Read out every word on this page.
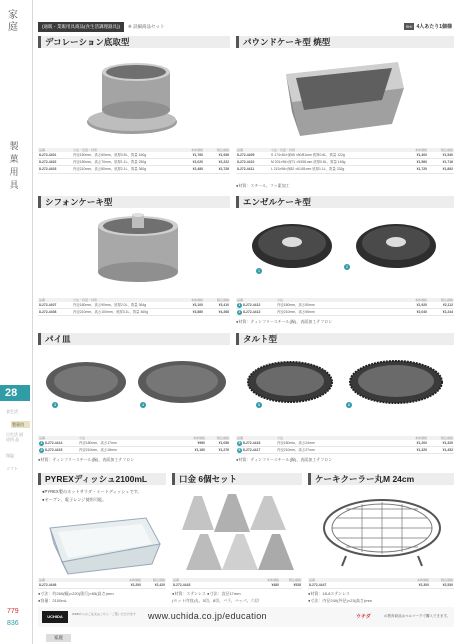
家庭
製菓用具
28
食生活
製菓用
日生活 厨房用 品
保温
ソフト
779
836
(通販・業販用具商品(食生活調理器具))	※ 詳細商品セット	SHI 4人あたり1個様
デコレーション底取型
品番	寸法・容量・材質	本体価格	税込価格
8-272-4401	内径150mm、高さ60mm、底厚0.5L、質量 160g	¥1,760	¥1,936
8-272-4402	内径180mm、高さ70mm、底厚1.1L、質量 250g	¥2,020	¥2,222
8-272-4403	内径210mm、高さ80mm、底厚2.1L、質量 360g	¥2,480	¥2,728
パウンドケーキ型 焼型
品番	寸法・容量・材質	本体価格	税込価格
8-272-4409	S 174×84×深65 ×50/81mm 底厚0.6L、質量 122g	¥1,400	¥1,540
8-272-4410	M 201×96×深71 ×53/81mm 底厚0.8L、質量 163g	¥1,560	¥1,716
8-272-4411	L 213×96×深82 ×61/81mm 底厚1.1L、質量 232g	¥1,720	¥1,892
●材質：スチール、フッ素加工
シフォンケーキ型
品番	寸法・容量・材質	本体価格	税込価格
8-272-4407	内径180mm、高さ90mm、底厚2.0L、質量 364g	¥3,100	¥3,410
8-272-4408	内径210mm、高さ100mm、底厚3.1L、質量 460g	¥3,880	¥4,268
エンゼルケーキ型
1
2
品番	寸法	本体価格	税込価格
1 8-272-4412	内径180mm、高さ50mm	¥1,920	¥2,112
2 8-272-4413	内径210mm、高さ55mm	¥2,040	¥2,244
●材質：ティンフリースチール(錫)、表面加工テフロン
パイ皿
3	4
品番	寸法	本体価格	税込価格
3 8-272-4414	内径180mm、高さ17mm	¥960	¥1,056
4 8-272-4415	内径210mm、高さ18mm	¥1,160	¥1,276
●材質：ティンフリースチール(錫)、表面加工テフロン
タルト型
5	6
品番	寸法	本体価格	税込価格
5 8-272-4416	内径180mm、高さ24mm	¥1,200	¥1,320
6 8-272-4417	内径210mm、高さ27mm	¥1,320	¥1,452
●材質：ティンフリースチール(錫)、表面加工テフロン
PYREXディッシュ2100mL
●PYREX製のホットサラダ・ミートディッシュです。
●オーブン、電子レンジ使用可能。
品番	本体価格	税込価格
8-272-4446	¥2,200	¥2,420
●寸法：約260(幅)×220(奥行)×65(高さ)mm
●容量：2100mL
口金 6個セット
品番	本体価格	税込価格
8-272-4443	¥480	¥528
●材質：ステンレス ●寸法：直径17mm
(セット内容)丸、5切、8切、バラ、ハッパ、六切
ケーキクーラー丸M 24cm
品番	本体価格	税込価格
8-272-4447	¥2,300	¥2,530
●材質：18-8ステンレス
●寸法：内径240(外径)×23(高さ)mm
UCHIDA	WEBからのご注文はこちら・ご覧いただけます www.uchida.co.jp/education	ウチダ	の教育商品はベルマークで購入できます。
家庭
